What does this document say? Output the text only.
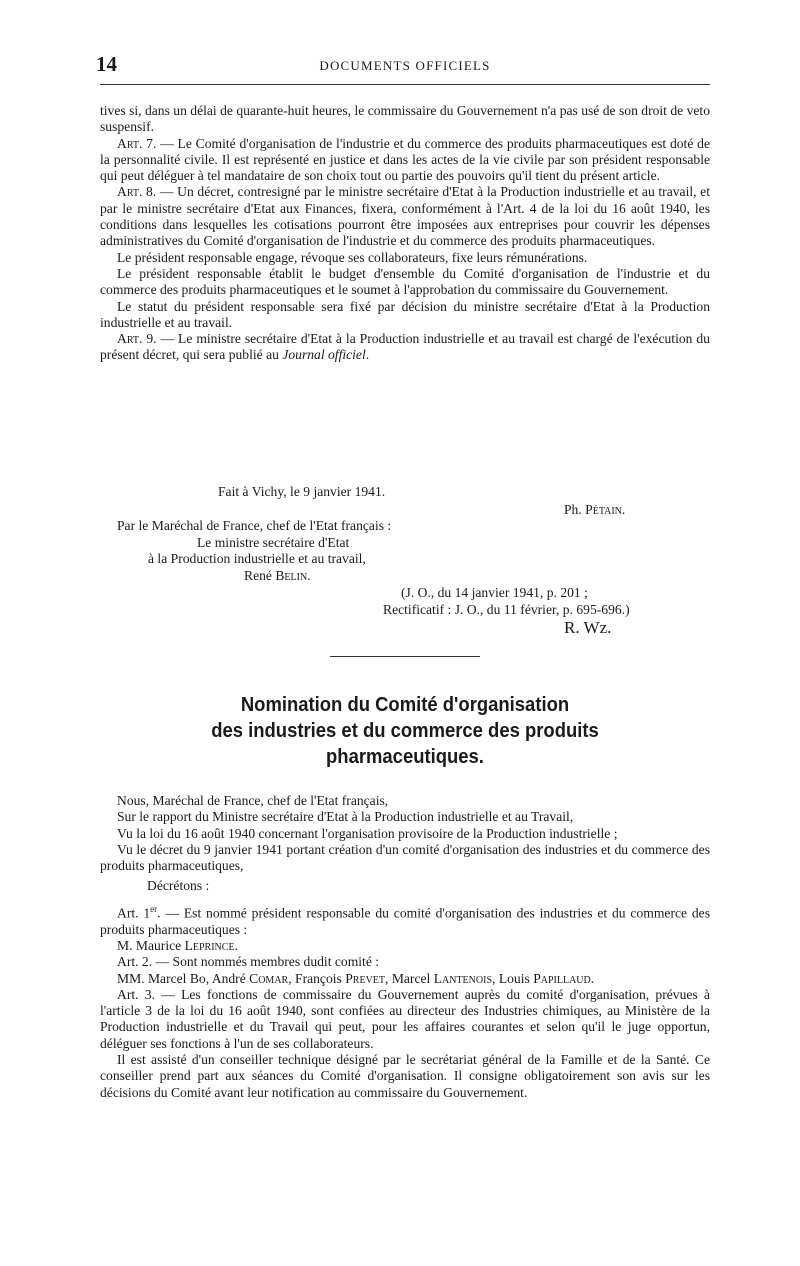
14	DOCUMENTS OFFICIELS

tives si, dans un délai de quarante-huit heures, le commissaire du Gouvernement n'a pas usé de son droit de veto suspensif.

Art. 7. — Le Comité d'organisation de l'industrie et du commerce des produits pharmaceutiques est doté de la personnalité civile. Il est représenté en justice et dans les actes de la vie civile par son président responsable qui peut déléguer à tel mandataire de son choix tout ou partie des pouvoirs qu'il tient du présent article.

Art. 8. — Un décret, contresigné par le ministre secrétaire d'Etat à la Production industrielle et au travail, et par le ministre secrétaire d'Etat aux Finances, fixera, conformément à l'Art. 4 de la loi du 16 août 1940, les conditions dans lesquelles les cotisations pourront être imposées aux entreprises pour couvrir les dépenses administratives du Comité d'organisation de l'industrie et du commerce des produits pharmaceutiques.

Le président responsable engage, révoque ses collaborateurs, fixe leurs rémunérations.

Le président responsable établit le budget d'ensemble du Comité d'organisation de l'industrie et du commerce des produits pharmaceutiques et le soumet à l'approbation du commissaire du Gouvernement.

Le statut du président responsable sera fixé par décision du ministre secrétaire d'Etat à la Production industrielle et au travail.

Art. 9. — Le ministre secrétaire d'Etat à la Production industrielle et au travail est chargé de l'exécution du présent décret, qui sera publié au Journal officiel.

Fait à Vichy, le 9 janvier 1941.
Ph. Pétain.
Par le Maréchal de France, chef de l'Etat français :
Le ministre secrétaire d'Etat
à la Production industrielle et au travail,
René Belin.
(J. O., du 14 janvier 1941, p. 201 ;
Rectificatif : J. O., du 11 février, p. 695-696.)
R. Wz.
Nomination du Comité d'organisation
des industries et du commerce des produits pharmaceutiques.

Nous, Maréchal de France, chef de l'Etat français,

Sur le rapport du Ministre secrétaire d'Etat à la Production industrielle et au Travail,

Vu la loi du 16 août 1940 concernant l'organisation provisoire de la Production industrielle ;

Vu le décret du 9 janvier 1941 portant création d'un comité d'organisation des industries et du commerce des produits pharmaceutiques,

Décrétons :

Art. 1er. — Est nommé président responsable du comité d'organisation des industries et du commerce des produits pharmaceutiques :

M. Maurice Leprince.

Art. 2. — Sont nommés membres dudit comité :

MM. Marcel Bo, André Comar, François Prevet, Marcel Lantenois, Louis Papillaud.

Art. 3. — Les fonctions de commissaire du Gouvernement auprès du comité d'organisation, prévues à l'article 3 de la loi du 16 août 1940, sont confiées au directeur des Industries chimiques, au Ministère de la Production industrielle et du Travail qui peut, pour les affaires courantes et selon qu'il le juge opportun, déléguer ses fonctions à l'un de ses collaborateurs.

Il est assisté d'un conseiller technique désigné par le secrétariat général de la Famille et de la Santé. Ce conseiller prend part aux séances du Comité d'organisation. Il consigne obligatoirement son avis sur les décisions du Comité avant leur notification au commissaire du Gouvernement.
